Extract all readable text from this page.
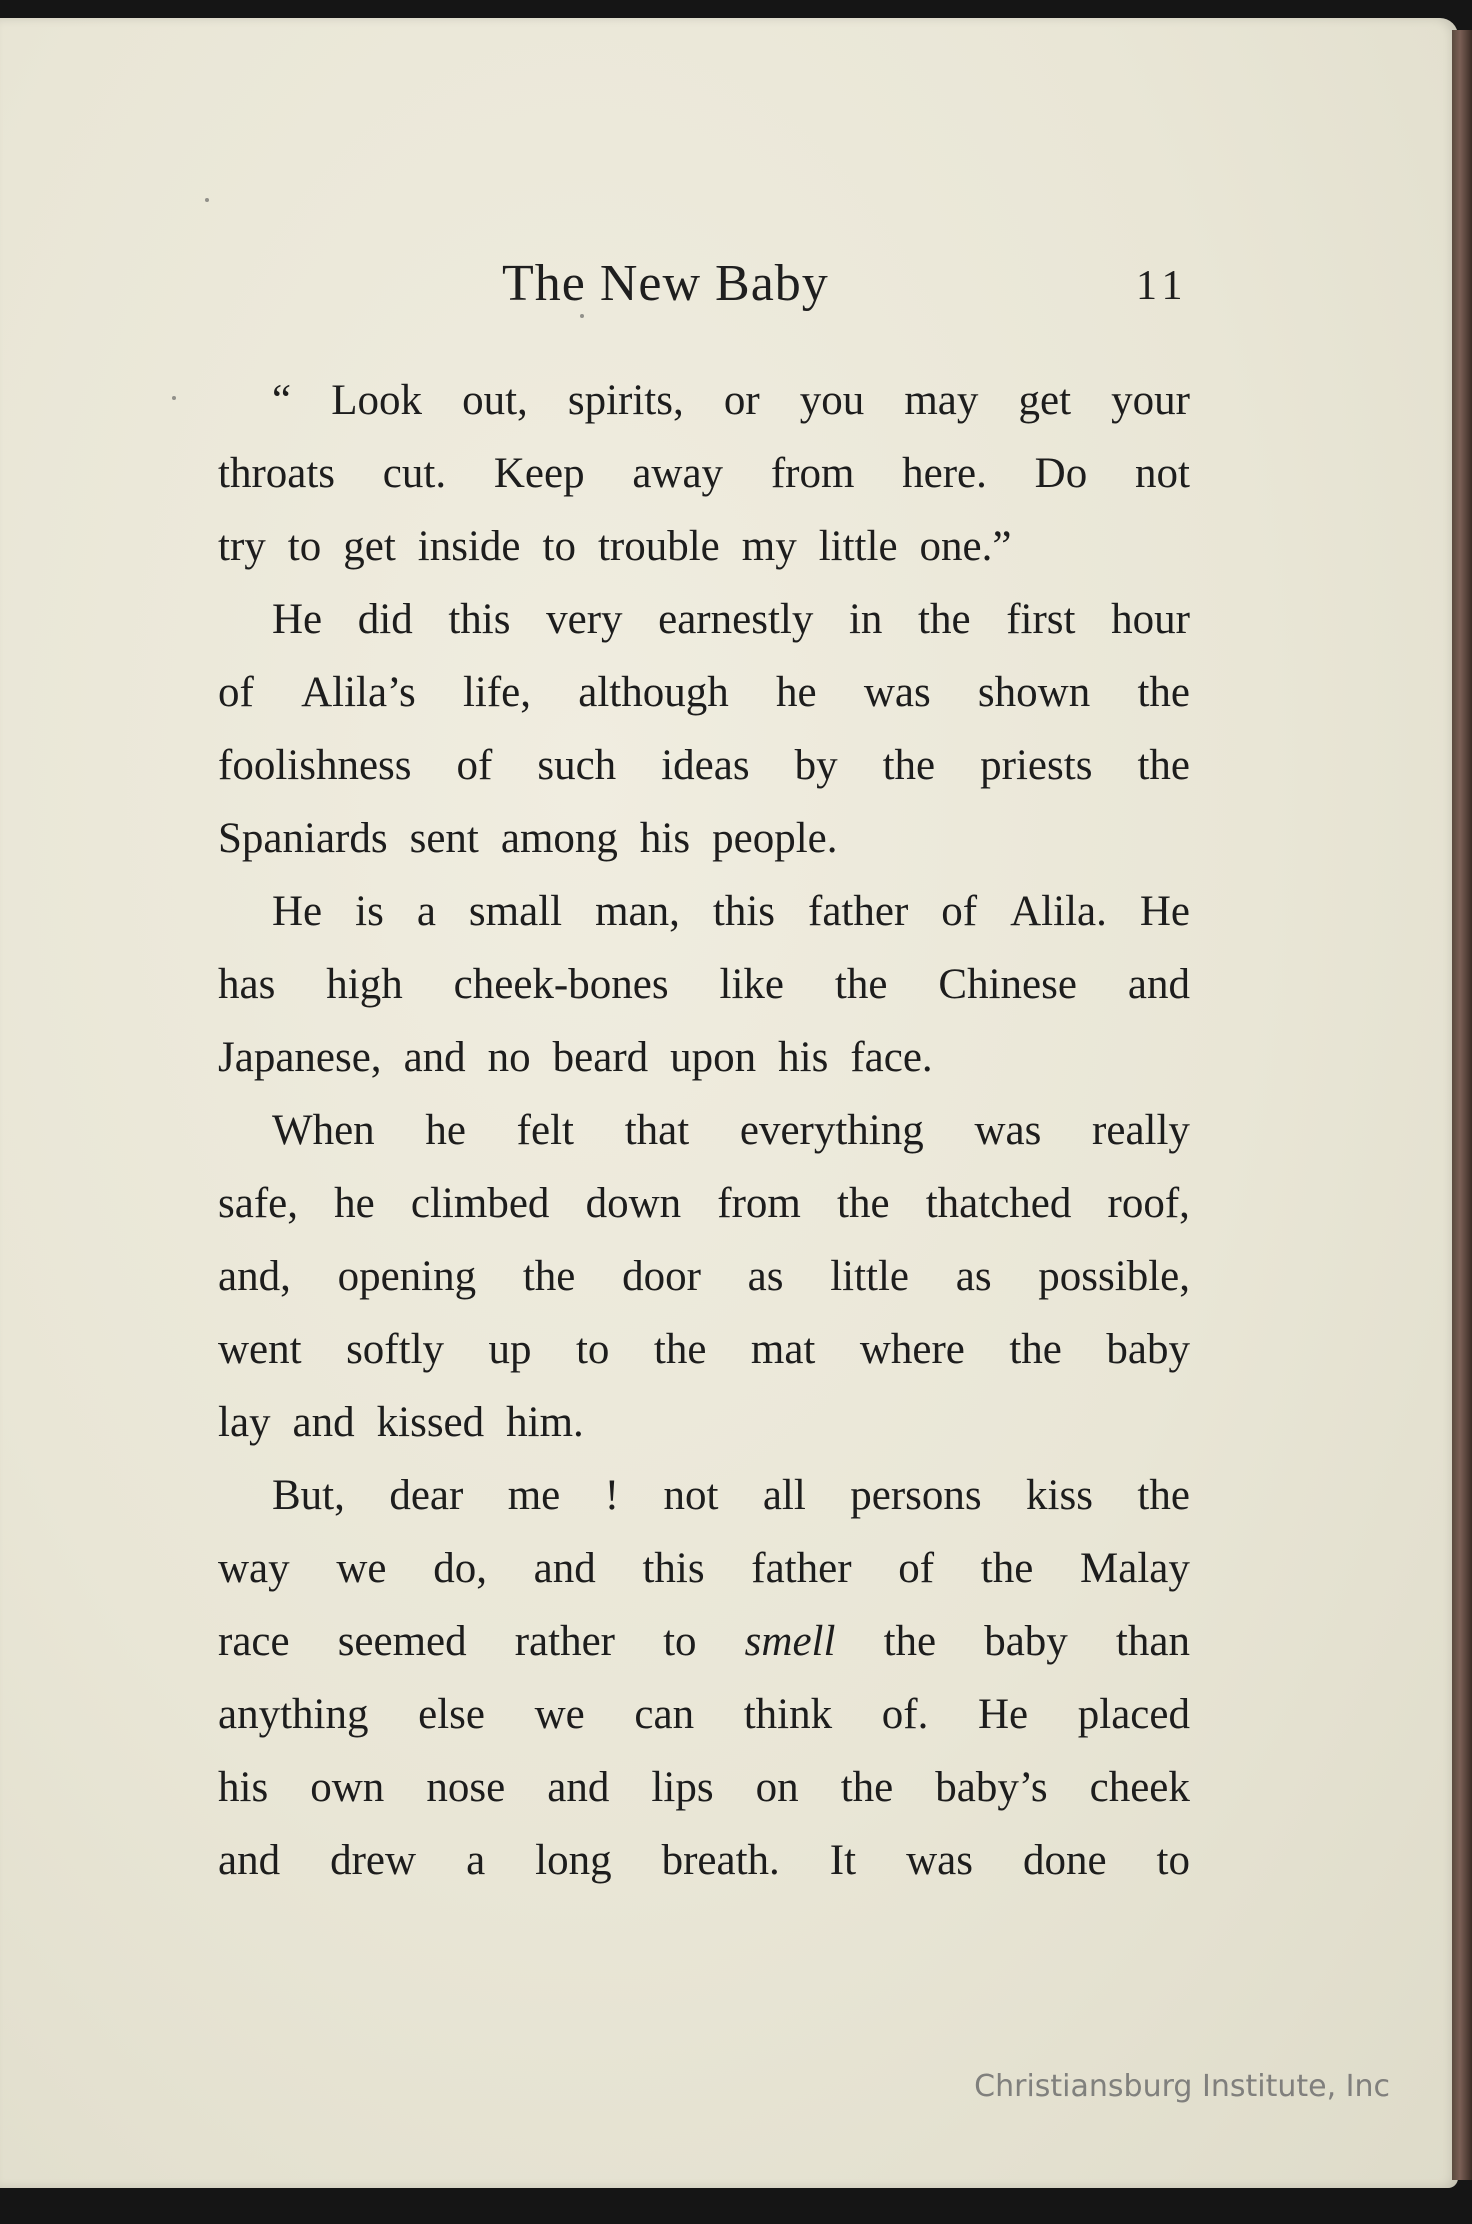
The New Baby	11
“ Look out, spirits, or you may get your
throats cut. Keep away from here. Do not
try to get inside to trouble my little one.”
He did this very earnestly in the first hour
of Alila’s life, although he was shown the
foolishness of such ideas by the priests the
Spaniards sent among his people.
He is a small man, this father of Alila. He
has high cheek-bones like the Chinese and
Japanese, and no beard upon his face.
When he felt that everything was really
safe, he climbed down from the thatched roof,
and, opening the door as little as possible,
went softly up to the mat where the baby
lay and kissed him.
But, dear me ! not all persons kiss the
way we do, and this father of the Malay
race seemed rather to smell the baby than
anything else we can think of. He placed
his own nose and lips on the baby’s cheek
and drew a long breath. It was done to
Christiansburg Institute, Inc
